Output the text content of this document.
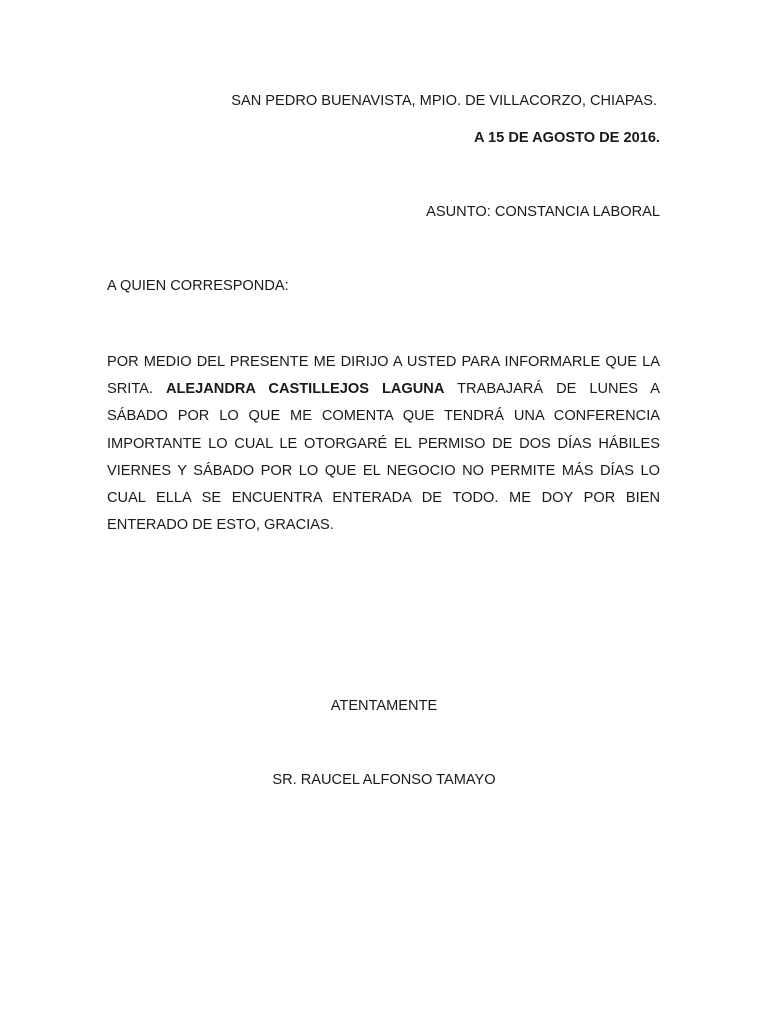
SAN PEDRO BUENAVISTA, MPIO. DE VILLACORZO, CHIAPAS.
A 15 DE AGOSTO DE 2016.
ASUNTO: CONSTANCIA LABORAL
A QUIEN CORRESPONDA:
POR MEDIO DEL PRESENTE ME DIRIJO A USTED PARA INFORMARLE QUE LA SRITA. ALEJANDRA CASTILLEJOS LAGUNA TRABAJARÁ DE LUNES A SÁBADO POR LO QUE ME COMENTA QUE TENDRÁ UNA CONFERENCIA IMPORTANTE LO CUAL LE OTORGARÉ EL PERMISO DE DOS DÍAS HÁBILES VIERNES Y SÁBADO POR LO QUE EL NEGOCIO NO PERMITE MÁS DÍAS LO CUAL ELLA SE ENCUENTRA ENTERADA DE TODO. ME DOY POR BIEN ENTERADO DE ESTO, GRACIAS.
ATENTAMENTE
SR. RAUCEL ALFONSO TAMAYO
